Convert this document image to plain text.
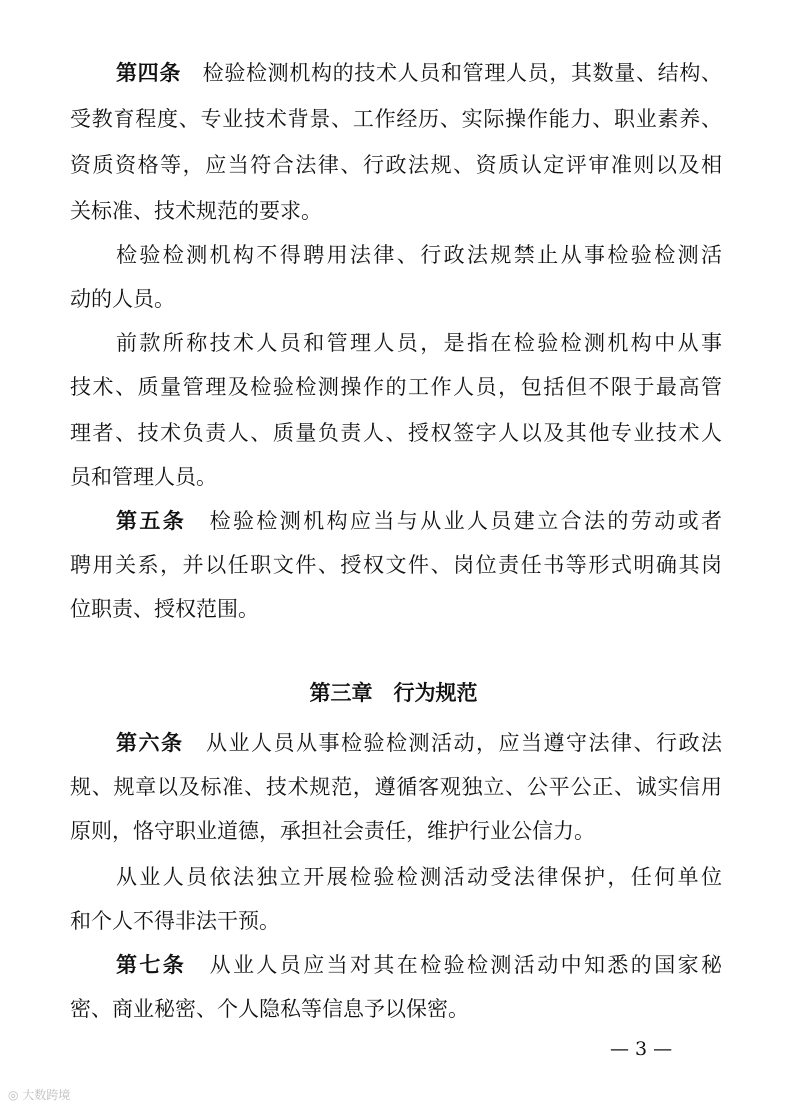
第四条　 检验检测机构的技术人员和管理人员，其数量、结构、
受教育程度、专业技术背景、工作经历、实际操作能力、职业素养、
资质资格等，应当符合法律、行政法规、资质认定评审准则以及相
关标准、技术规范的要求。
检验检测机构不得聘用法律、行政法规禁止从事检验检测活
动的人员。
前款所称技术人员和管理人员，是指在检验检测机构中从事
技术、质量管理及检验检测操作的工作人员，包括但不限于最高管
理者、技术负责人、质量负责人、授权签字人以及其他专业技术人
员和管理人员。
第五条　 检验检测机构应当与从业人员建立合法的劳动或者
聘用关系，并以任职文件、授权文件、岗位责任书等形式明确其岗
位职责、授权范围。
第三章　行为规范
第六条　 从业人员从事检验检测活动，应当遵守法律、行政法
规、规章以及标准、技术规范，遵循客观独立、公平公正、诚实信用
原则，恪守职业道德，承担社会责任，维护行业公信力。
从业人员依法独立开展检验检测活动受法律保护，任何单位
和个人不得非法干预。
第七条　 从业人员应当对其在检验检测活动中知悉的国家秘
密、商业秘密、个人隐私等信息予以保密。
— 3 —
◎ 大数跨境
